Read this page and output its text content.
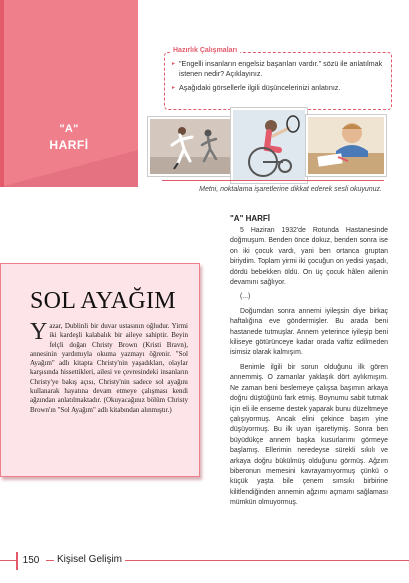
"A"
HARFİ
Hazırlık Çalışmaları
▸ "Engelli insanların engelsiz başarıları vardır." sözü ile anlatılmak istenen nedir? Açıklayınız.
▸ Aşağıdaki görsellerle ilgili düşüncelerinizi anlatınız.
Metni, noktalama işaretlerine dikkat ederek sesli okuyunuz.
SOL AYAĞIM
Y azar, Dublinli bir duvar ustasının oğludur. Yirmi iki kardeşli kalabalık bir aileye sahiptir. Beyin felçli doğan Christy Brown (Kristi Bravn), annesinin yardımıyla okuma yazmayı öğrenir. "Sol Ayağım" adlı kitapta Christy'nin yaşadıkları, olaylar karşısında hissettikleri, ailesi ve çevresindeki insanların Christy'ye bakış açısı, Christy'nin sadece sol ayağını kullanarak hayatına devam etmeye çalışması kendi ağzından anlatılmaktadır. (Okuyacağınız bölüm Christy Brown'ın "Sol Ayağım" adlı kitabından alınmıştır.)
"A" HARFİ

5 Haziran 1932'de Rotunda Hastanesinde doğmuşum. Benden önce dokuz, benden sonra ise on iki çocuk vardı, yani ben ortanca gruptan biriydim. Toplam yirmi iki çocuğun on yedisi yaşadı, dördü bebekken öldü. On üç çocuk hâlen ailenin devamını sağlıyor.

(...)

Doğumdan sonra annemi iyileşsin diye birkaç haftalığına eve göndermişler. Bu arada beni hastanede tutmuşlar. Annem yeterince iyileşip beni kiliseye götürünceye kadar orada vaftiz edilmeden isimsiz olarak kalmışım.

Benimle ilgili bir sorun olduğunu ilk gören annemmiş. O zamanlar yaklaşık dört aylıkmışım. Ne zaman beni beslemeye çalışsa başımın arkaya doğru düştüğünü fark etmiş. Boynumu sabit tutmak için eli ile enseme destek yaparak bunu düzeltmeye çalışıyormuş. Ancak elini çekince başım yine düşüyormuş. Bu ilk uyarı işaretiymiş. Sonra ben büyüdükçe annem başka kusurlarımı görmeye başlamış. Ellerimin neredeyse sürekli sıkılı ve arkaya doğru bükülmüş olduğunu görmüş. Ağzım biberonun memesini kavrayamıyormuş çünkü o küçük yaşta bile çenem sımsıkı birbirine kilitlendiğinden annemin ağzımı açmamı sağlaması mümkün olmuyormuş.

150	Kişisel Gelişim
